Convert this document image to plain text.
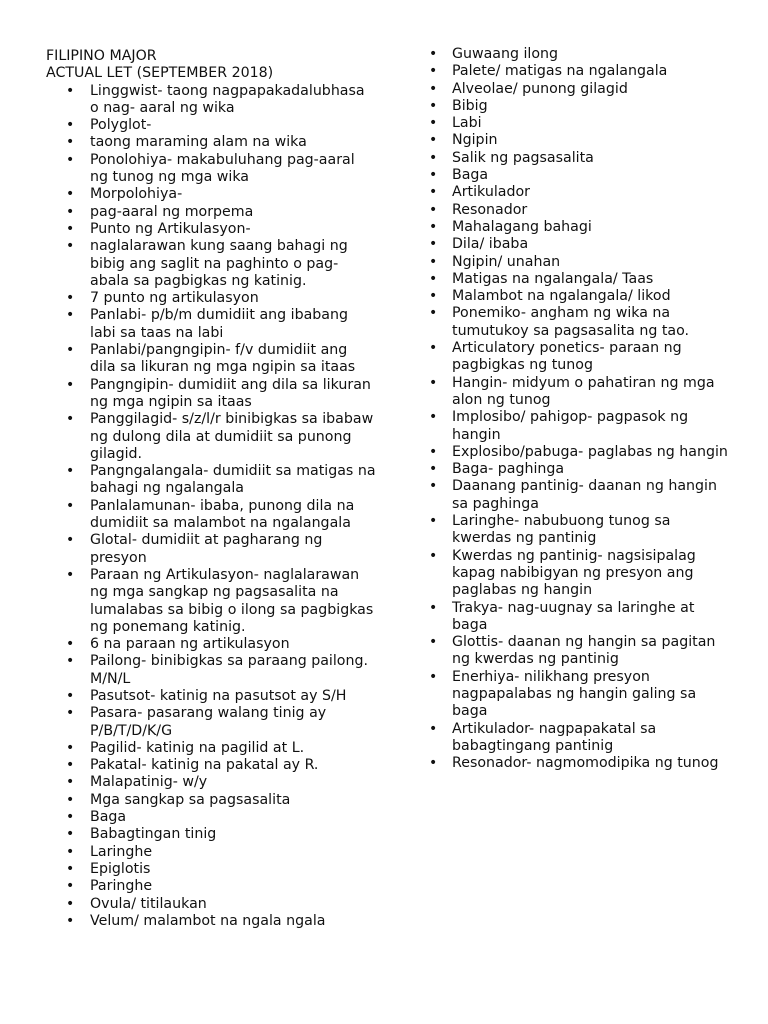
FILIPINO MAJOR

ACTUAL LET (SEPTEMBER 2018)

• Linggwist- taong nagpapakadalubhasa o nag- aaral ng wika
• Polyglot-
• taong maraming alam na wika
• Ponolohiya- makabuluhang pag-aaral ng tunog ng mga wika
• Morpolohiya-
• pag-aaral ng morpema
• Punto ng Artikulasyon-
• naglalarawan kung saang bahagi ng bibig ang saglit na paghinto o pag-abala sa pagbigkas ng katinig.
• 7 punto ng artikulasyon
• Panlabi- p/b/m dumidiit ang ibabang labi sa taas na labi
• Panlabi/pangngipin- f/v dumidiit ang dila sa likuran ng mga ngipin sa itaas
• Pangngipin- dumidiit ang dila sa likuran ng mga ngipin sa itaas
• Panggilagid- s/z/l/r binibigkas sa ibabaw ng dulong dila at dumidiit sa punong gilagid.
• Pangngalangala- dumidiit sa matigas na bahagi ng ngalangala
• Panlalamunan- ibaba, punong dila na dumidiit sa malambot na ngalangala
• Glotal- dumidiit at pagharang ng presyon
• Paraan ng Artikulasyon- naglalarawan ng mga sangkap ng pagsasalita na lumalabas sa bibig o ilong sa pagbigkas ng ponemang katinig.
• 6 na paraan ng artikulasyon
• Pailong- binibigkas sa paraang pailong. M/N/L
• Pasutsot- katinig na pasutsot ay S/H
• Pasara- pasarang walang tinig ay P/B/T/D/K/G
• Pagilid- katinig na pagilid at L.
• Pakatal- katinig na pakatal ay R.
• Malapatinig- w/y
• Mga sangkap sa pagsasalita
• Baga
• Babagtingan tinig
• Laringhe
• Epiglotis
• Paringhe
• Ovula/ titilaukan
• Velum/ malambot na ngala ngala
• Guwaang ilong
• Palete/ matigas na ngalangala
• Alveolae/ punong gilagid
• Bibig
• Labi
• Ngipin
• Salik ng pagsasalita
• Baga
• Artikulador
• Resonador
• Mahalagang bahagi
• Dila/ ibaba
• Ngipin/ unahan
• Matigas na ngalangala/ Taas
• Malambot na ngalangala/ likod
• Ponemiko- angham ng wika na tumutukoy sa pagsasalita ng tao.
• Articulatory ponetics- paraan ng pagbigkas ng tunog
• Hangin- midyum o pahatiran ng mga alon ng tunog
• Implosibo/ pahigop- pagpasok ng hangin
• Explosibo/pabuga- paglabas ng hangin
• Baga- paghinga
• Daanang pantinig- daanan ng hangin sa paghinga
• Laringhe- nabubuong tunog sa kwerdas ng pantinig
• Kwerdas ng pantinig- nagsisipalag kapag nabibigyan ng presyon ang paglabas ng hangin
• Trakya- nag-uugnay sa laringhe at baga
• Glottis- daanan ng hangin sa pagitan ng kwerdas ng pantinig
• Enerhiya- nilikhang presyon nagpapalabas ng hangin galing sa baga
• Artikulador- nagpapakatal sa babagtingang pantinig
• Resonador- nagmomodipika ng tunog
